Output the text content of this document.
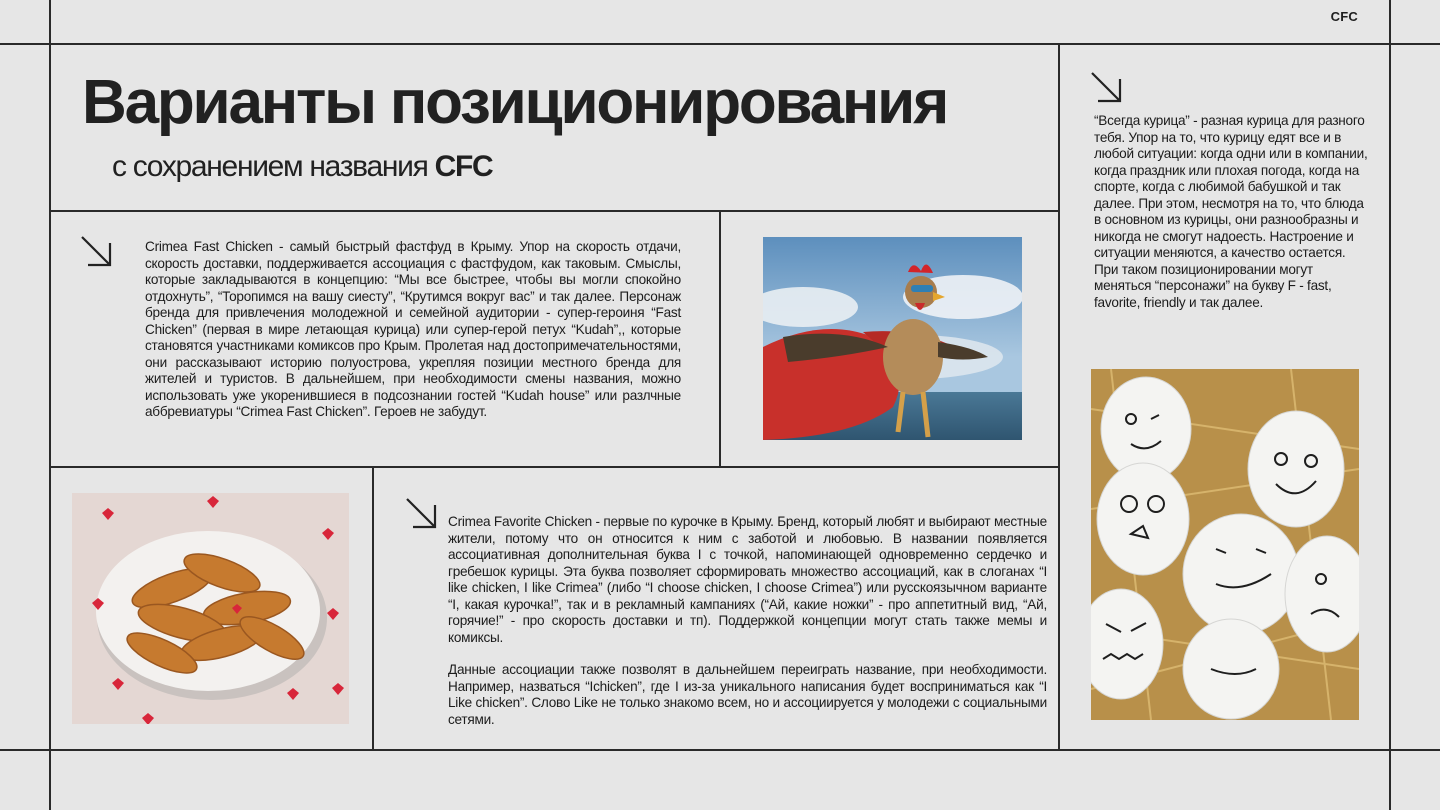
CFC
Варианты позиционирования
с сохранением названия CFC

Crimea Fast Chicken - самый быстрый фастфуд в Крыму. Упор на скорость отдачи, скорость доставки, поддерживается ассоциация с фастфудом, как таковым. Смыслы, которые закладываются в концепцию: “Мы все быстрее, чтобы вы могли спокойно отдохнуть”, “Торопимся на вашу сиесту”, “Крутимся вокруг вас” и так далее. Персонаж бренда для привлечения молодежной и семейной аудитории - супер-героиня “Fast Chicken” (первая в мире летающая курица) или супер-герой петух “Kudah”,, которые становятся участниками комиксов про Крым. Пролетая над достопримечательностями, они рассказывают историю полуострова, укрепляя позиции местного бренда для жителей и туристов. В дальнейшем, при необходимости смены названия, можно использовать уже укоренившиеся в подсознании гостей “Kudah house” или разлчные аббревиатуры “Crimea Fast Chicken”. Героев не забудут.

Crimea Favorite Chicken - первые по курочке в Крыму. Бренд, который любят и выбирают местные жители, потому что он относится к ним с заботой и любовью. В названии появляется ассоциативная дополнительная буква I с точкой, напоминающей одновременно сердечко и гребешок курицы. Эта буква позволяет сформировать множество ассоциаций, как в слоганах “I like chicken, I like Crimea” (либо “I choose chicken, I choose Crimea”) или русскоязычном варианте “I, какая курочка!”, так и в рекламный кампаниях (“Ай, какие ножки” - про аппетитный вид, “Ай, горячие!” - про скорость доставки и тп). Поддержкой концепции могут стать также мемы и комиксы.

Данные ассоциации также позволят в дальнейшем переиграть название, при необходимости. Например, назваться “Ichicken”, где I из-за уникального написания будет восприниматься как “I Like chicken”. Слово Like не только знакомо всем, но и ассоциируется у молодежи с социальными сетями.

“Всегда курица” - разная курица для разного тебя. Упор на то, что курицу едят все и в любой ситуации: когда одни или в компании, когда праздник или плохая погода, когда на спорте, когда с любимой бабушкой и так далее. При этом, несмотря на то, что блюда в основном из курицы, они разнообразны и никогда не смогут надоесть. Настроение и ситуации меняются, а качество остается. При таком позиционировании могут меняться “персонажи” на букву F - fast, favorite, friendly и так далее.
